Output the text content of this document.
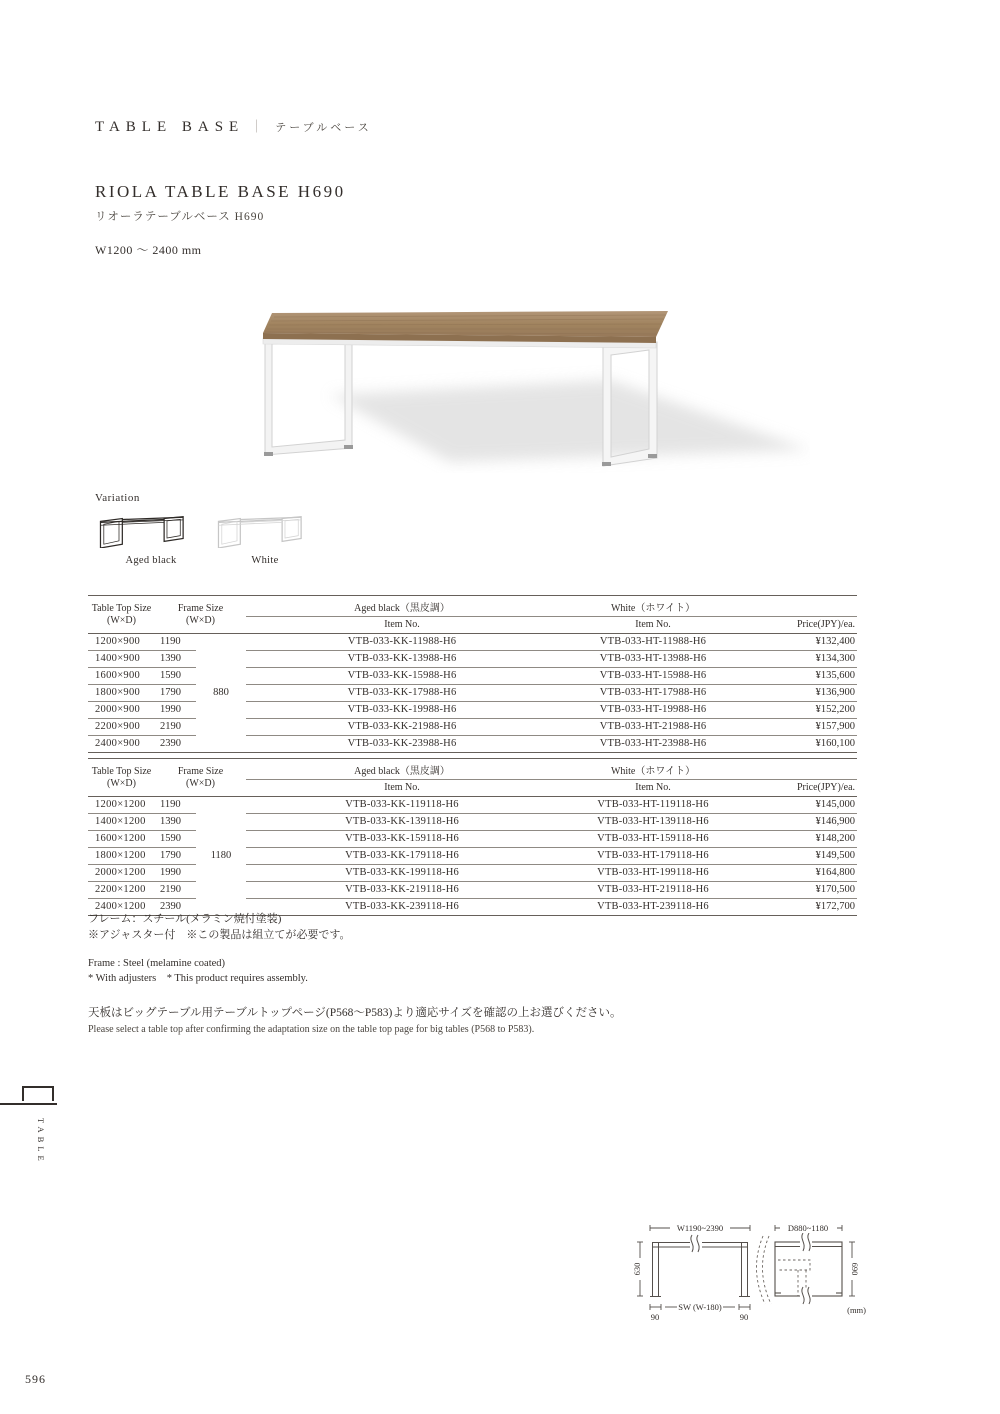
TABLE BASE ｜ テーブルベース
RIOLA TABLE BASE H690
リオーラテーブルベース H690
W1200 〜 2400 mm
Variation
Aged black	White
Table Top Size
(W×D)

Frame Size
(W×D)
	Aged black（黒皮調）	White（ホワイト）	
			Item No.	Item No.	Price(JPY)/ea.
1200×900	1190	880	VTB-033-KK-11988-H6	VTB-033-HT-11988-H6	¥132,400
1400×900	1390		VTB-033-KK-13988-H6	VTB-033-HT-13988-H6	¥134,300
1600×900	1590		VTB-033-KK-15988-H6	VTB-033-HT-15988-H6	¥135,600
1800×900	1790		VTB-033-KK-17988-H6	VTB-033-HT-17988-H6	¥136,900
2000×900	1990		VTB-033-KK-19988-H6	VTB-033-HT-19988-H6	¥152,200
2200×900	2190		VTB-033-KK-21988-H6	VTB-033-HT-21988-H6	¥157,900
2400×900	2390		VTB-033-KK-23988-H6	VTB-033-HT-23988-H6	¥160,100
Table Top Size
(W×D)

Frame Size
(W×D)
	Aged black（黒皮調）	White（ホワイト）	
			Item No.	Item No.	Price(JPY)/ea.
1200×1200	1190	1180	VTB-033-KK-119118-H6	VTB-033-HT-119118-H6	¥145,000
1400×1200	1390		VTB-033-KK-139118-H6	VTB-033-HT-139118-H6	¥146,900
1600×1200	1590		VTB-033-KK-159118-H6	VTB-033-HT-159118-H6	¥148,200
1800×1200	1790		VTB-033-KK-179118-H6	VTB-033-HT-179118-H6	¥149,500
2000×1200	1990		VTB-033-KK-199118-H6	VTB-033-HT-199118-H6	¥164,800
2200×1200	2190		VTB-033-KK-219118-H6	VTB-033-HT-219118-H6	¥170,500
2400×1200	2390		VTB-033-KK-239118-H6	VTB-033-HT-239118-H6	¥172,700
フレーム：スチール(メラミン焼付塗装)
※アジャスター付　※この製品は組立てが必要です。
Frame : Steel (melamine coated)
* With adjusters　* This product requires assembly.
天板はビッグテーブル用テーブルトップページ(P568〜P583)より適応サイズを確認の上お選びください。
Please select a table top after confirming the adaptation size on the table top page for big tables (P568 to P583).
TABLE
W1190~2390
630
SW (W-180)
90	90
D880~1180
690
(mm)
596
